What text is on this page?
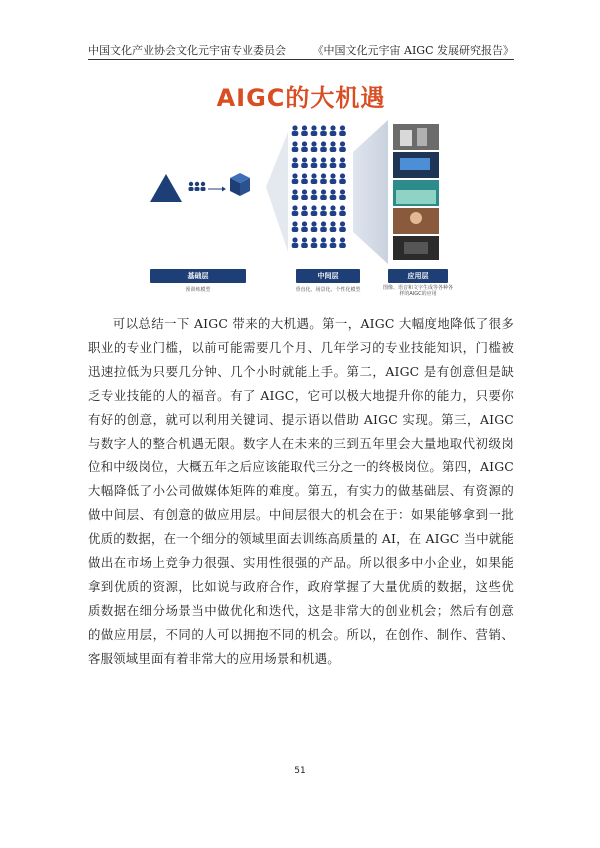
中国文化产业协会文化元宇宙专业委员会 《中国文化元宇宙 AIGC 发展研究报告》
AIGC的大机遇
基础层
预训练模型
中间层
垂直化、场景化、个性化模型
应用层
图像、语音和文字生成等各种各样的AIGC的应用
可以总结一下 AIGC 带来的大机遇。第一，AIGC 大幅度地降低了很多职业的专业门槛，以前可能需要几个月、几年学习的专业技能知识，门槛被迅速拉低为只要几分钟、几个小时就能上手。第二，AIGC 是有创意但是缺乏专业技能的人的福音。有了 AIGC，它可以极大地提升你的能力，只要你有好的创意，就可以利用关键词、提示语以借助 AIGC 实现。第三，AIGC 与数字人的整合机遇无限。数字人在未来的三到五年里会大量地取代初级岗位和中级岗位，大概五年之后应该能取代三分之一的终极岗位。第四，AIGC 大幅降低了小公司做媒体矩阵的难度。第五，有实力的做基础层、有资源的做中间层、有创意的做应用层。中间层很大的机会在于：如果能够拿到一批优质的数据，在一个细分的领域里面去训练高质量的 AI，在 AIGC 当中就能做出在市场上竞争力很强、实用性很强的产品。所以很多中小企业，如果能拿到优质的资源，比如说与政府合作，政府掌握了大量优质的数据，这些优质数据在细分场景当中做优化和迭代，这是非常大的创业机会；然后有创意的做应用层，不同的人可以拥抱不同的机会。所以，在创作、制作、营销、客服领域里面有着非常大的应用场景和机遇。
51
